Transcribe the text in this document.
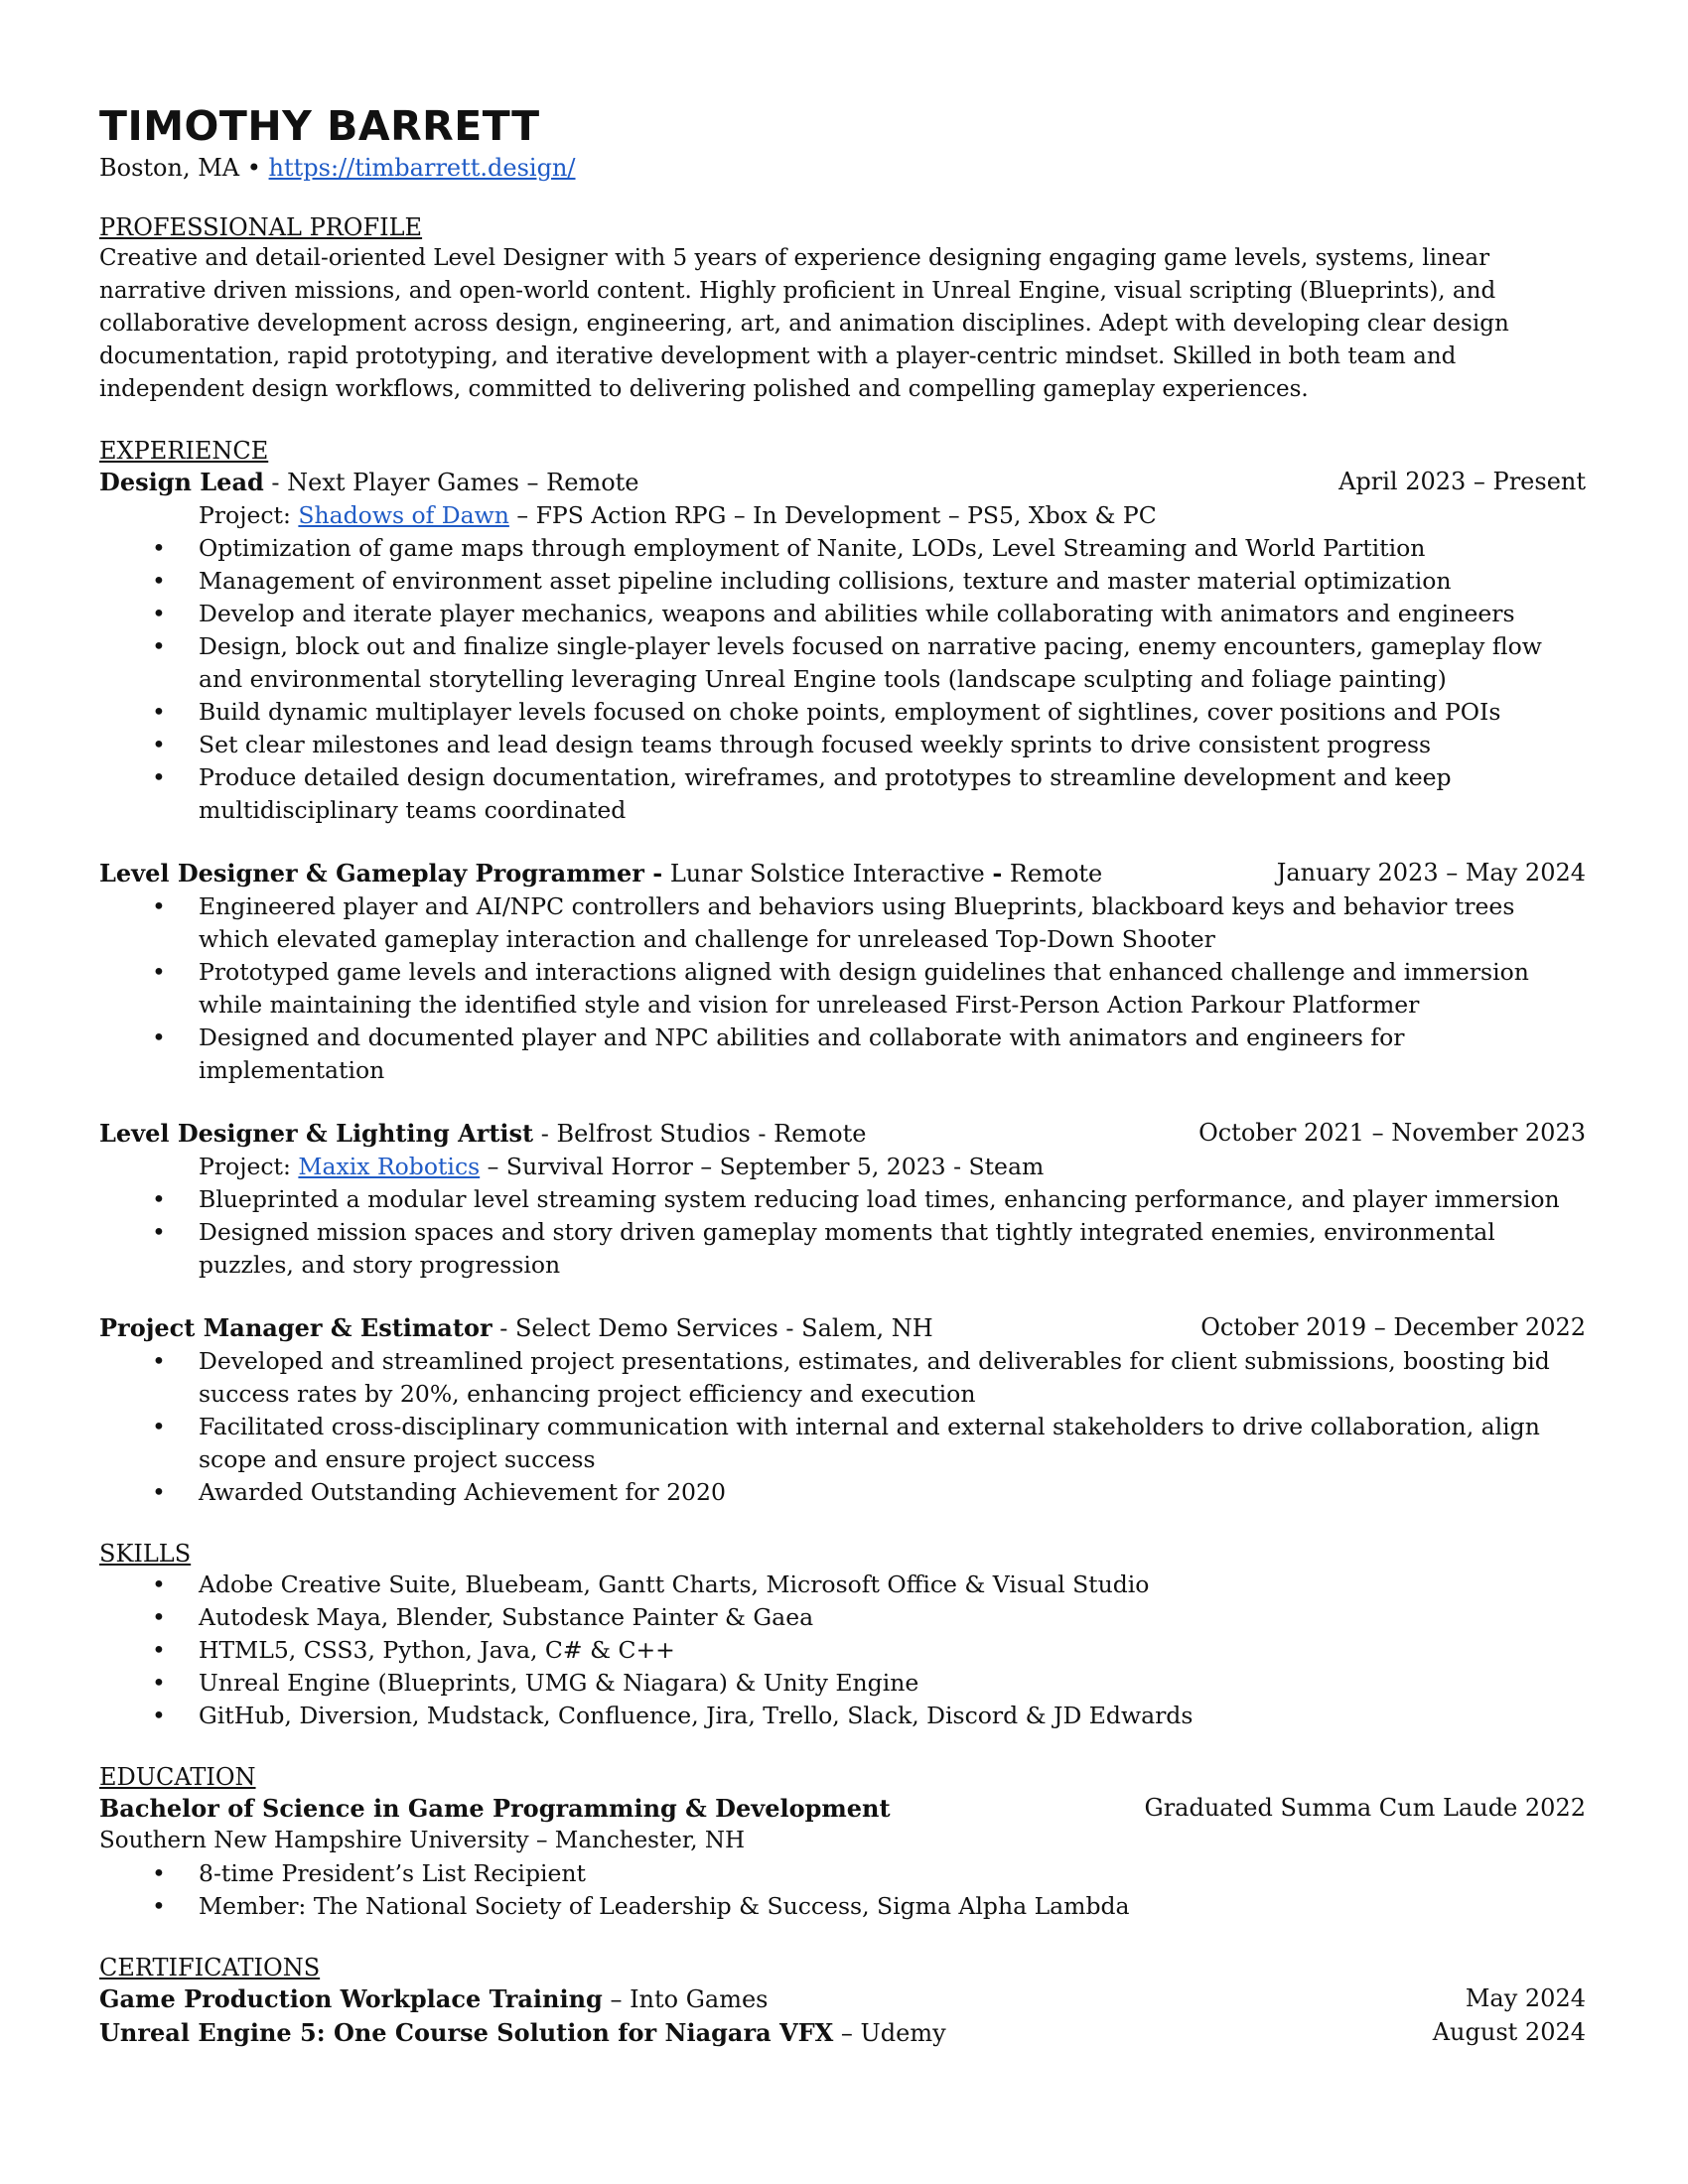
TIMOTHY BARRETT
Boston, MA • https://timbarrett.design/
PROFESSIONAL PROFILE
Creative and detail-oriented Level Designer with 5 years of experience designing engaging game levels, systems, linear narrative driven missions, and open-world content. Highly proficient in Unreal Engine, visual scripting (Blueprints), and collaborative development across design, engineering, art, and animation disciplines. Adept with developing clear design documentation, rapid prototyping, and iterative development with a player-centric mindset. Skilled in both team and independent design workflows, committed to delivering polished and compelling gameplay experiences.
EXPERIENCE
Design Lead - Next Player Games – Remote	April 2023 – Present
Project: Shadows of Dawn – FPS Action RPG – In Development – PS5, Xbox & PC
• Optimization of game maps through employment of Nanite, LODs, Level Streaming and World Partition
• Management of environment asset pipeline including collisions, texture and master material optimization
• Develop and iterate player mechanics, weapons and abilities while collaborating with animators and engineers
• Design, block out and finalize single-player levels focused on narrative pacing, enemy encounters, gameplay flow and environmental storytelling leveraging Unreal Engine tools (landscape sculpting and foliage painting)
• Build dynamic multiplayer levels focused on choke points, employment of sightlines, cover positions and POIs
• Set clear milestones and lead design teams through focused weekly sprints to drive consistent progress
• Produce detailed design documentation, wireframes, and prototypes to streamline development and keep multidisciplinary teams coordinated
Level Designer & Gameplay Programmer - Lunar Solstice Interactive - Remote	January 2023 – May 2024
• Engineered player and AI/NPC controllers and behaviors using Blueprints, blackboard keys and behavior trees which elevated gameplay interaction and challenge for unreleased Top-Down Shooter
• Prototyped game levels and interactions aligned with design guidelines that enhanced challenge and immersion while maintaining the identified style and vision for unreleased First-Person Action Parkour Platformer
• Designed and documented player and NPC abilities and collaborate with animators and engineers for implementation
Level Designer & Lighting Artist - Belfrost Studios - Remote	October 2021 – November 2023
Project: Maxix Robotics – Survival Horror – September 5, 2023 - Steam
• Blueprinted a modular level streaming system reducing load times, enhancing performance, and player immersion
• Designed mission spaces and story driven gameplay moments that tightly integrated enemies, environmental puzzles, and story progression
Project Manager & Estimator - Select Demo Services - Salem, NH	October 2019 – December 2022
• Developed and streamlined project presentations, estimates, and deliverables for client submissions, boosting bid success rates by 20%, enhancing project efficiency and execution
• Facilitated cross-disciplinary communication with internal and external stakeholders to drive collaboration, align scope and ensure project success
• Awarded Outstanding Achievement for 2020
SKILLS
• Adobe Creative Suite, Bluebeam, Gantt Charts, Microsoft Office & Visual Studio
• Autodesk Maya, Blender, Substance Painter & Gaea
• HTML5, CSS3, Python, Java, C# & C++
• Unreal Engine (Blueprints, UMG & Niagara) & Unity Engine
• GitHub, Diversion, Mudstack, Confluence, Jira, Trello, Slack, Discord & JD Edwards
EDUCATION
Bachelor of Science in Game Programming & Development	Graduated Summa Cum Laude 2022
Southern New Hampshire University – Manchester, NH
• 8-time President’s List Recipient
• Member: The National Society of Leadership & Success, Sigma Alpha Lambda
CERTIFICATIONS
Game Production Workplace Training – Into Games	May 2024
Unreal Engine 5: One Course Solution for Niagara VFX – Udemy	August 2024
